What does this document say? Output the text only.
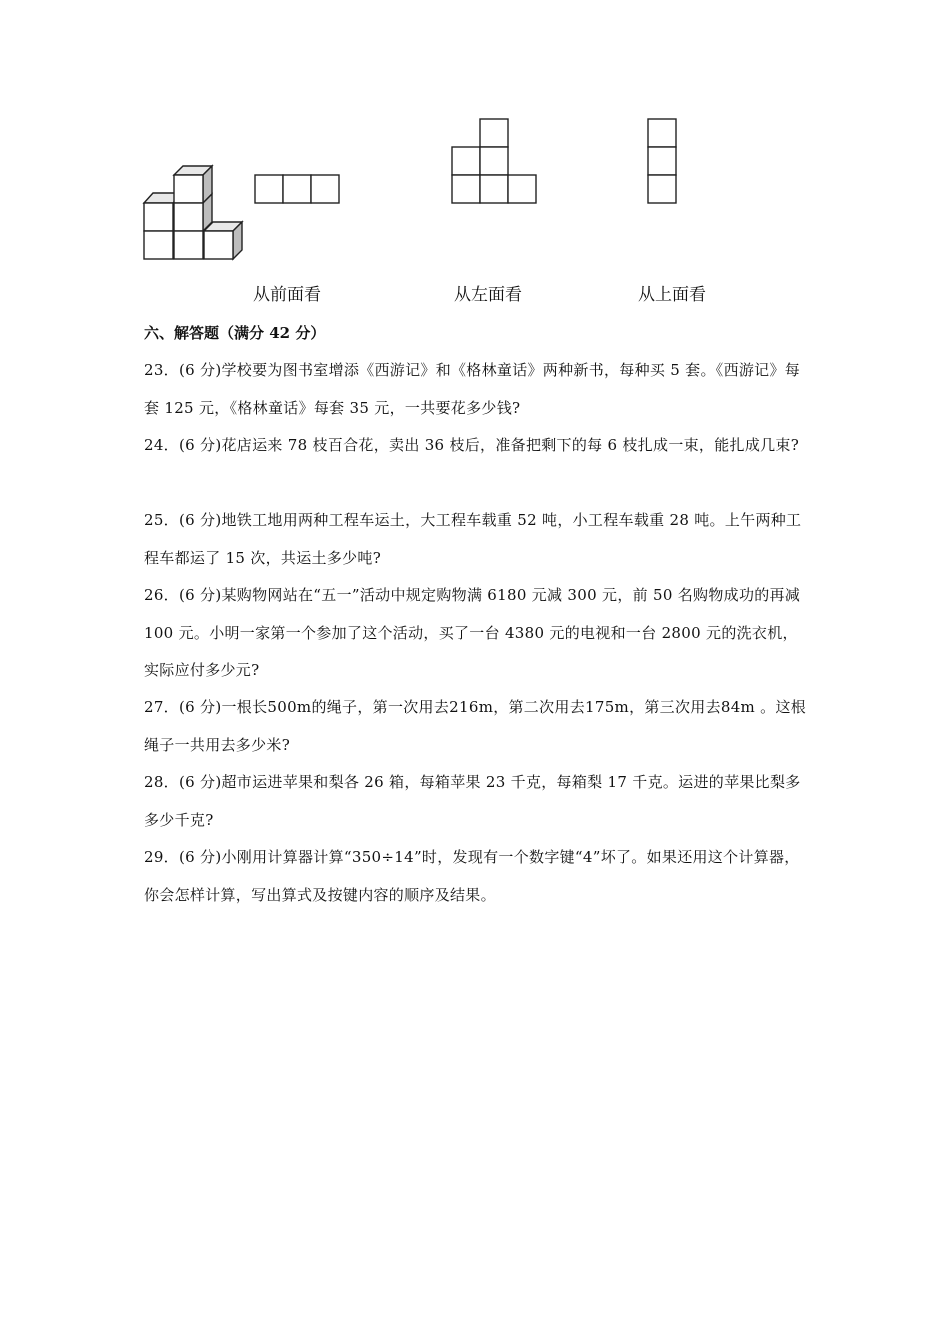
从前面看	从左面看	从上面看
六、解答题（满分 42 分）
23．(6 分)学校要为图书室增添《西游记》和《格林童话》两种新书，每种买 5 套。《西游记》每套 125 元，《格林童话》每套 35 元，一共要花多少钱?
24．(6 分)花店运来 78 枝百合花，卖出 36 枝后，准备把剩下的每 6 枝扎成一束，能扎成几束?
25．(6 分)地铁工地用两种工程车运土，大工程车载重 52 吨，小工程车载重 28 吨。上午两种工程车都运了 15 次，共运土多少吨?
26．(6 分)某购物网站在“五一”活动中规定购物满 6180 元减 300 元，前 50 名购物成功的再减 100 元。小明一家第一个参加了这个活动，买了一台 4380 元的电视和一台 2800 元的洗衣机，实际应付多少元?
27．(6 分)一根长500m的绳子，第一次用去216m，第二次用去175m，第三次用去84m 。这根绳子一共用去多少米?
28．(6 分)超市运进苹果和梨各 26 箱，每箱苹果 23 千克，每箱梨 17 千克。运进的苹果比梨多多少千克?
29．(6 分)小刚用计算器计算“350÷14”时，发现有一个数字键“4”坏了。如果还用这个计算器，你会怎样计算，写出算式及按键内容的顺序及结果。
